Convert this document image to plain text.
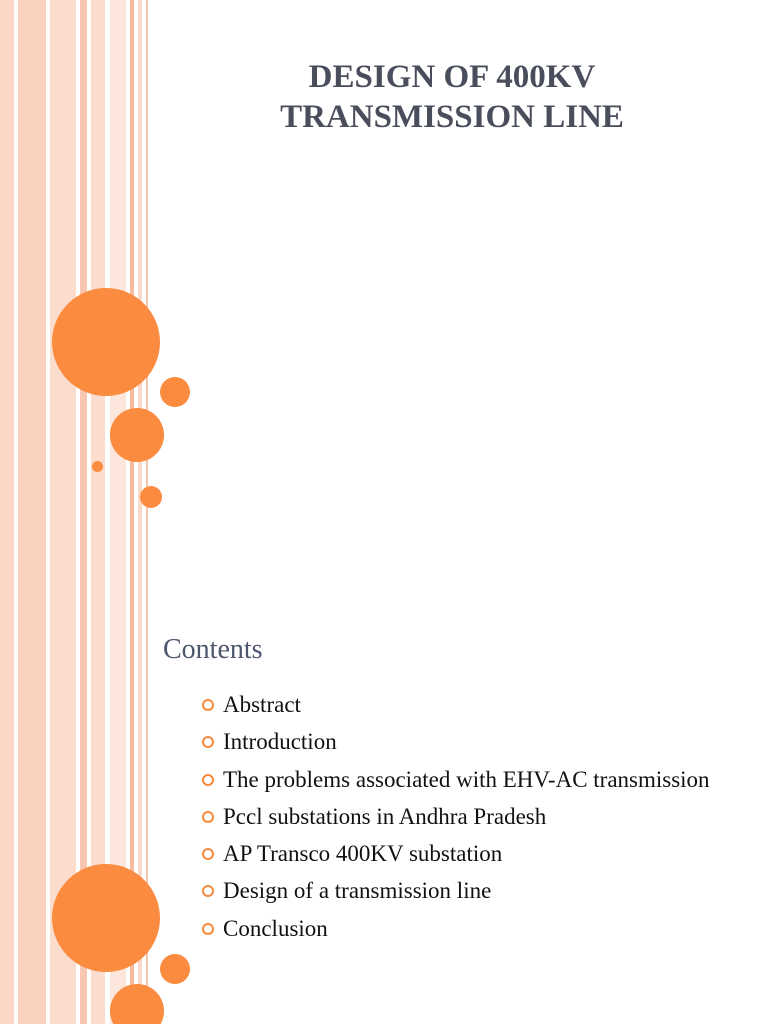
DESIGN OF 400KV
TRANSMISSION LINE
Contents
Abstract
Introduction
The problems associated with EHV-AC transmission
Pccl substations in Andhra Pradesh
AP Transco 400KV substation
Design of a transmission line
Conclusion
